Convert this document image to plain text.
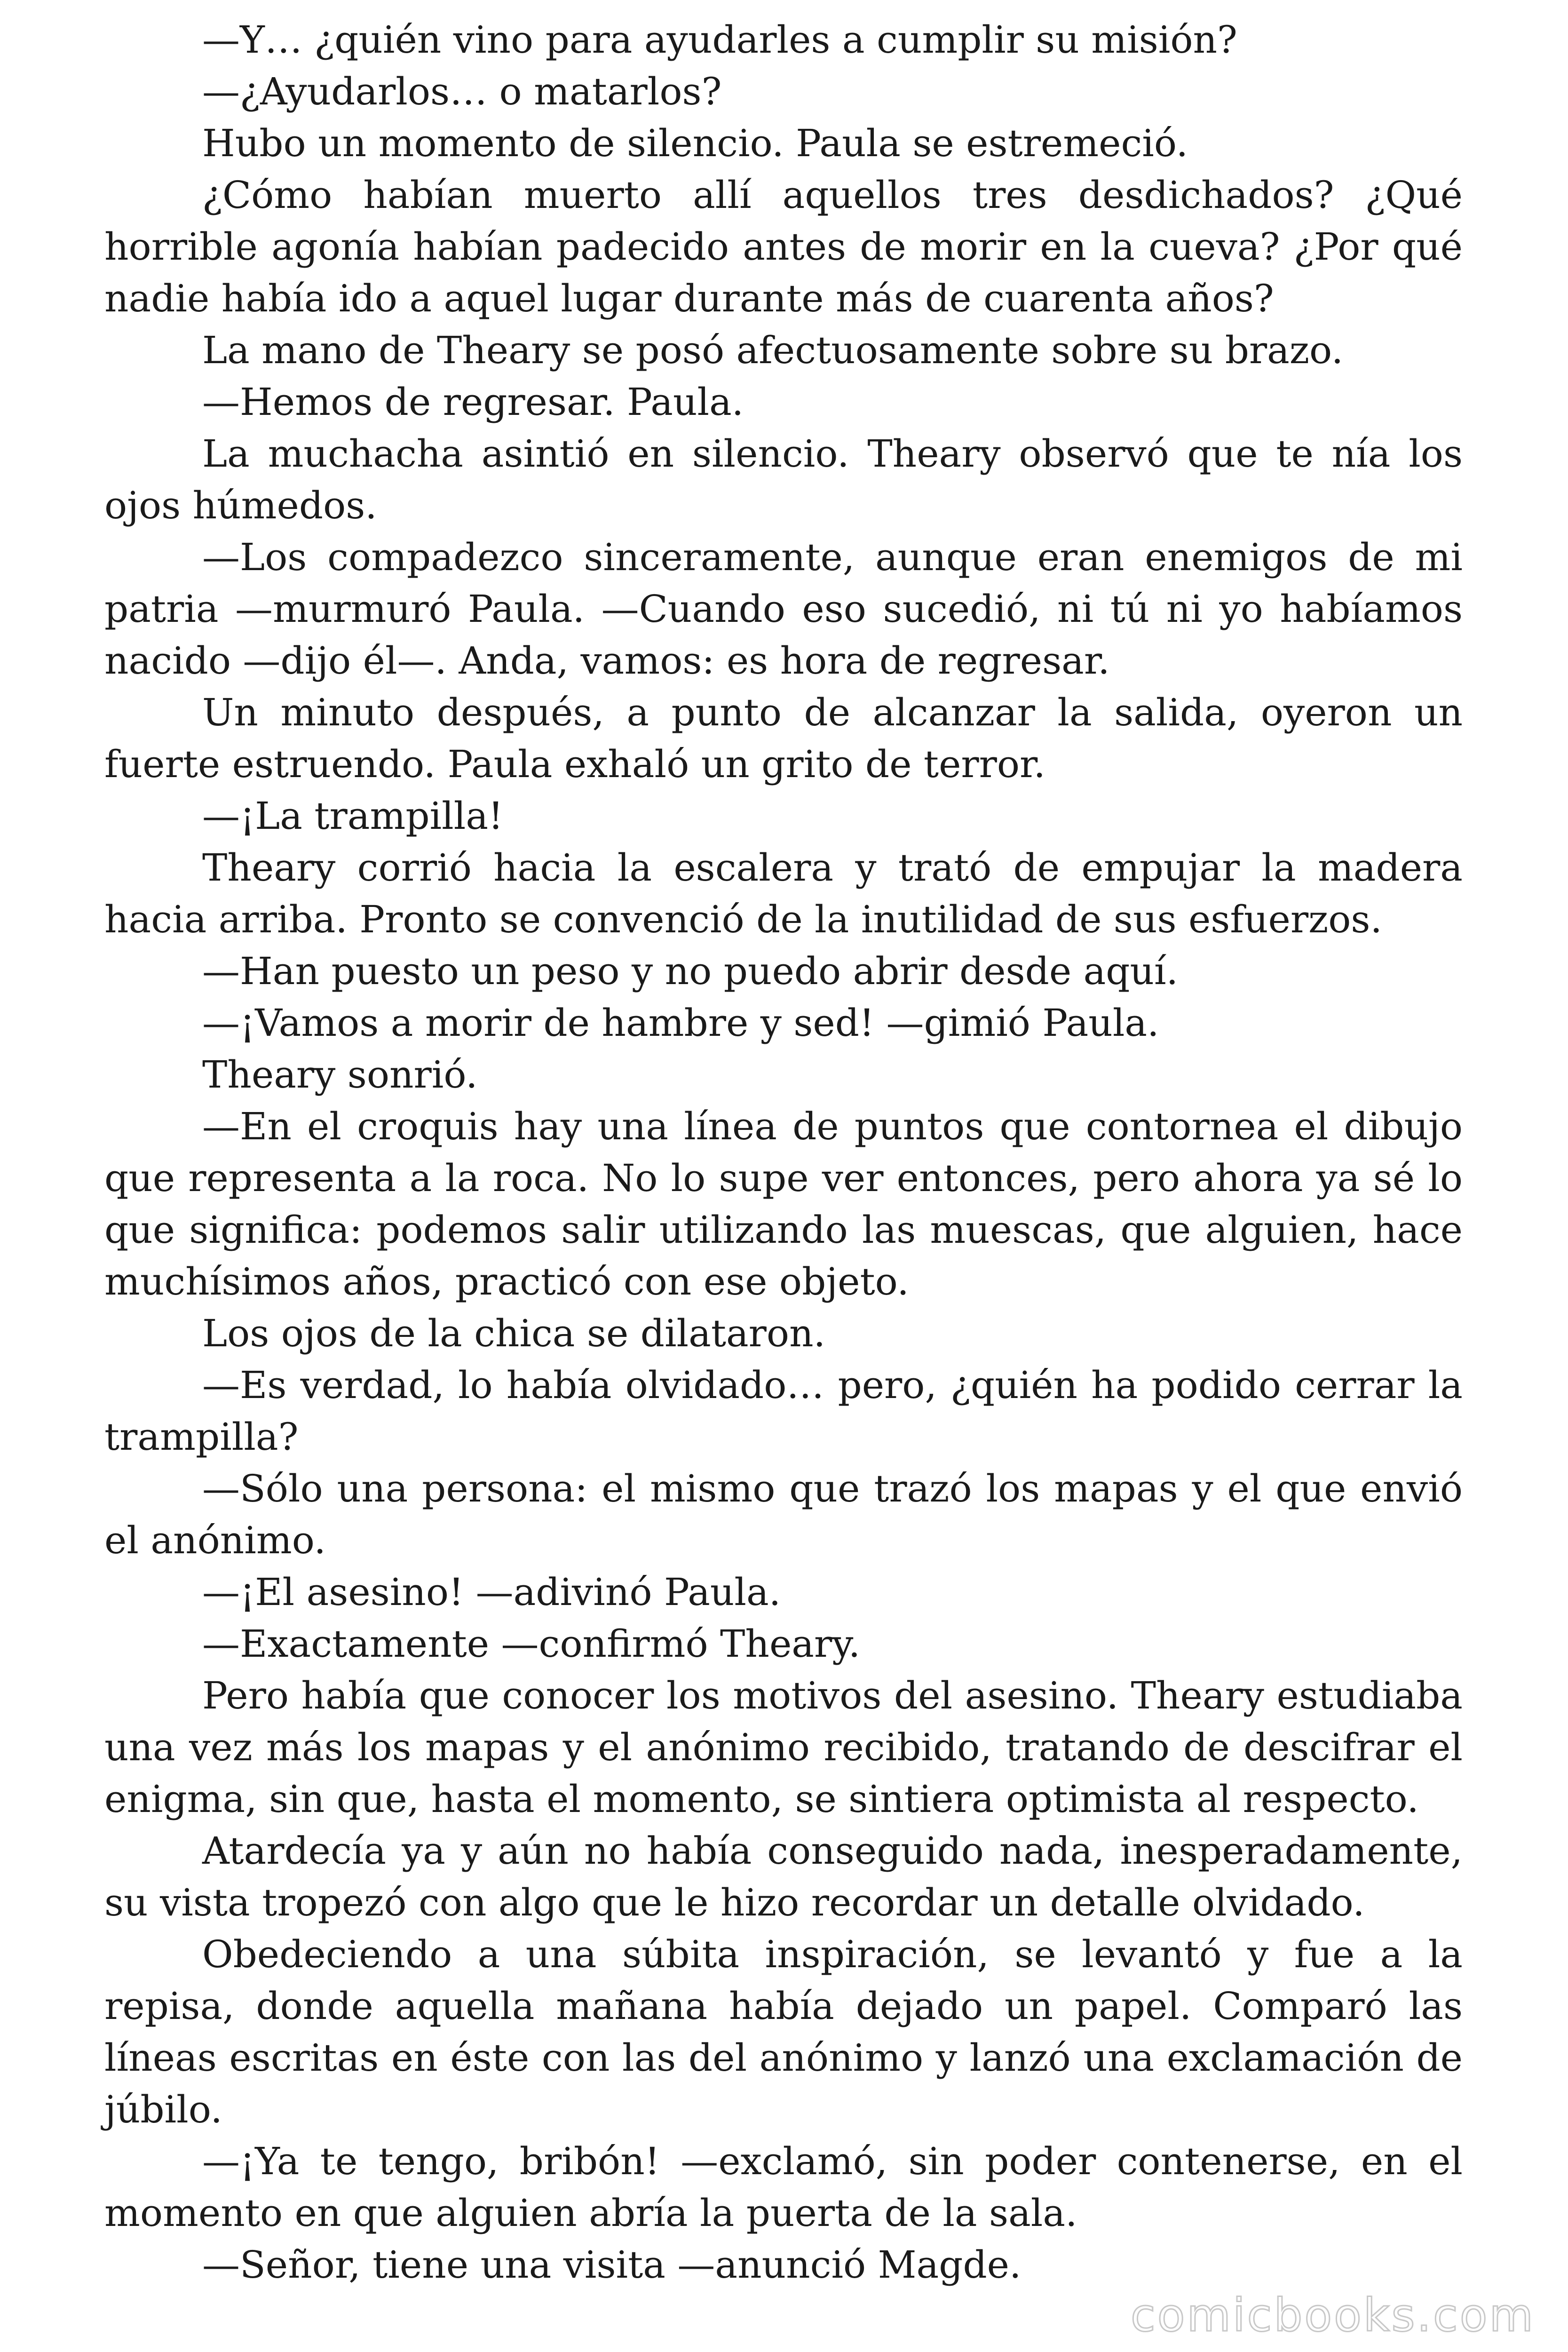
—Y… ¿quién vino para ayudarles a cumplir su misión?

—¿Ayudarlos… o matarlos?

Hubo un momento de silencio. Paula se estremeció.

¿Cómo habían muerto allí aquellos tres desdichados? ¿Qué horrible agonía habían padecido antes de morir en la cueva? ¿Por qué nadie había ido a aquel lugar durante más de cuarenta años?

La mano de Theary se posó afectuosamente sobre su brazo.

—Hemos de regresar. Paula.

La muchacha asintió en silencio. Theary observó que te nía los ojos húmedos.

—Los compadezco sinceramente, aunque eran enemigos de mi patria —murmuró Paula. —Cuando eso sucedió, ni tú ni yo habíamos nacido —dijo él—. Anda, vamos: es hora de regresar.

Un minuto después, a punto de alcanzar la salida, oyeron un fuerte estruendo. Paula exhaló un grito de terror.

—¡La trampilla!

Theary corrió hacia la escalera y trató de empujar la madera hacia arriba. Pronto se convenció de la inutilidad de sus esfuerzos.

—Han puesto un peso y no puedo abrir desde aquí.

—¡Vamos a morir de hambre y sed! —gimió Paula.

Theary sonrió.

—En el croquis hay una línea de puntos que contornea el dibujo que representa a la roca. No lo supe ver entonces, pero ahora ya sé lo que significa: podemos salir utilizando las muescas, que alguien, hace muchísimos años, practicó con ese objeto.

Los ojos de la chica se dilataron.

—Es verdad, lo había olvidado… pero, ¿quién ha podido cerrar la trampilla?

—Sólo una persona: el mismo que trazó los mapas y el que envió el anónimo.

—¡El asesino! —adivinó Paula.

—Exactamente —confirmó Theary.

Pero había que conocer los motivos del asesino. Theary estudiaba una vez más los mapas y el anónimo recibido, tratando de descifrar el enigma, sin que, hasta el momento, se sintiera optimista al respecto.

Atardecía ya y aún no había conseguido nada, inesperadamente, su vista tropezó con algo que le hizo recordar un detalle olvidado.

Obedeciendo a una súbita inspiración, se levantó y fue a la repisa, donde aquella mañana había dejado un papel. Comparó las líneas escritas en éste con las del anónimo y lanzó una exclamación de júbilo.

—¡Ya te tengo, bribón! —exclamó, sin poder contenerse, en el momento en que alguien abría la puerta de la sala.

—Señor, tiene una visita —anunció Magde.

comicbooks.com
